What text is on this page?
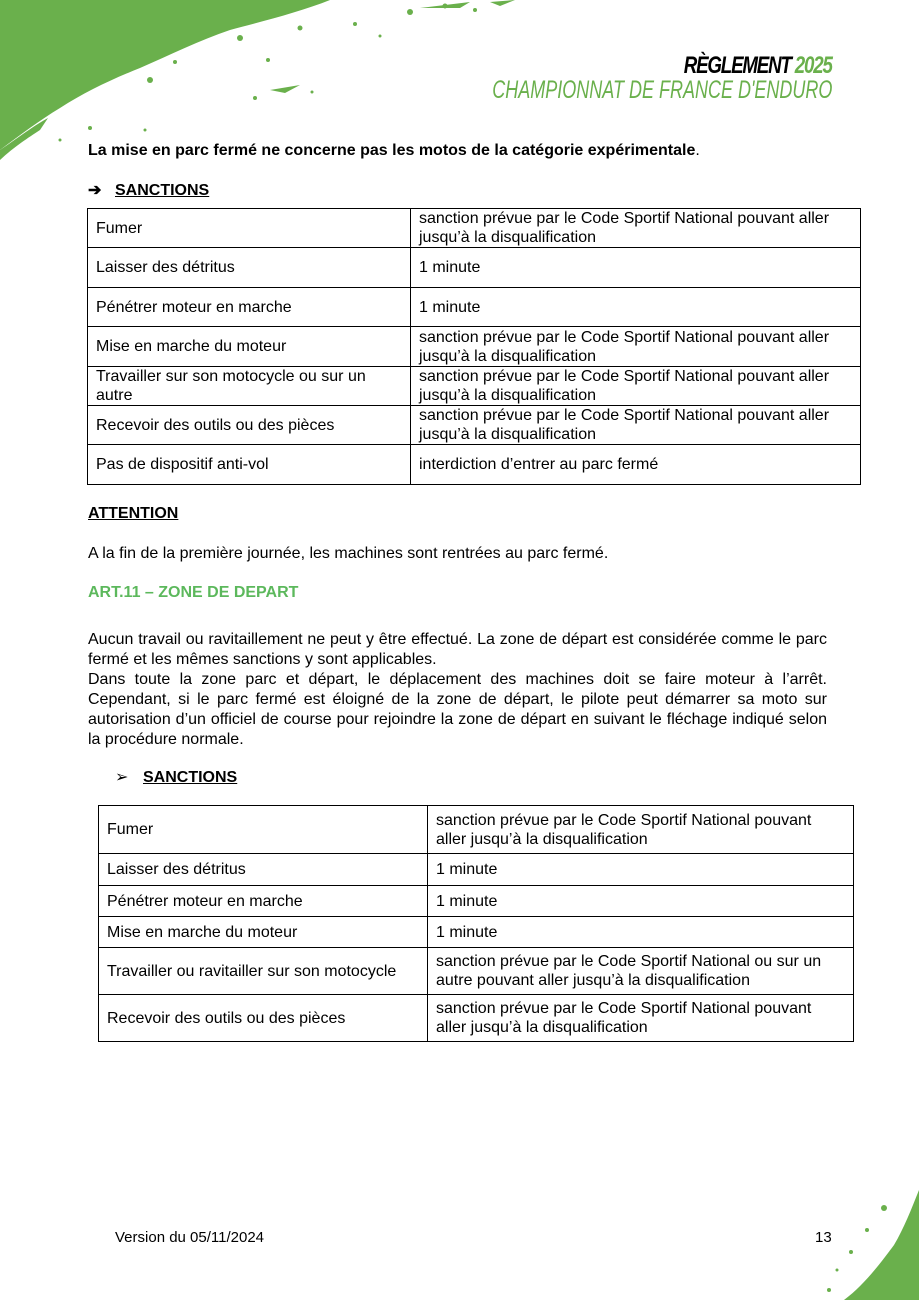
RÈGLEMENT 2025
CHAMPIONNAT DE FRANCE D'ENDURO
La mise en parc fermé ne concerne pas les motos de la catégorie expérimentale.
➔ SANCTIONS
Fumer	sanction prévue par le Code Sportif National pouvant aller jusqu’à la disqualification
Laisser des détritus	1 minute
Pénétrer moteur en marche	1 minute
Mise en marche du moteur	sanction prévue par le Code Sportif National pouvant aller jusqu’à la disqualification
Travailler sur son motocycle ou sur un autre	sanction prévue par le Code Sportif National pouvant aller jusqu’à la disqualification
Recevoir des outils ou des pièces	sanction prévue par le Code Sportif National pouvant aller jusqu’à la disqualification
Pas de dispositif anti-vol	interdiction d’entrer au parc fermé
ATTENTION
A la fin de la première journée, les machines sont rentrées au parc fermé.
ART.11 – ZONE DE DEPART

Aucun travail ou ravitaillement ne peut y être effectué. La zone de départ est considérée comme le parc fermé et les mêmes sanctions y sont applicables.

Dans toute la zone parc et départ, le déplacement des machines doit se faire moteur à l’arrêt. Cependant, si le parc fermé est éloigné de la zone de départ, le pilote peut démarrer sa moto sur autorisation d’un officiel de course pour rejoindre la zone de départ en suivant le fléchage indiqué selon la procédure normale.

➢ SANCTIONS
Fumer	sanction prévue par le Code Sportif National pouvant aller jusqu’à la disqualification
Laisser des détritus	1 minute
Pénétrer moteur en marche	1 minute
Mise en marche du moteur	1 minute
Travailler ou ravitailler sur son motocycle	sanction prévue par le Code Sportif National ou sur un autre pouvant aller jusqu’à la disqualification
Recevoir des outils ou des pièces	sanction prévue par le Code Sportif National pouvant aller jusqu’à la disqualification
Version du 05/11/2024	13
